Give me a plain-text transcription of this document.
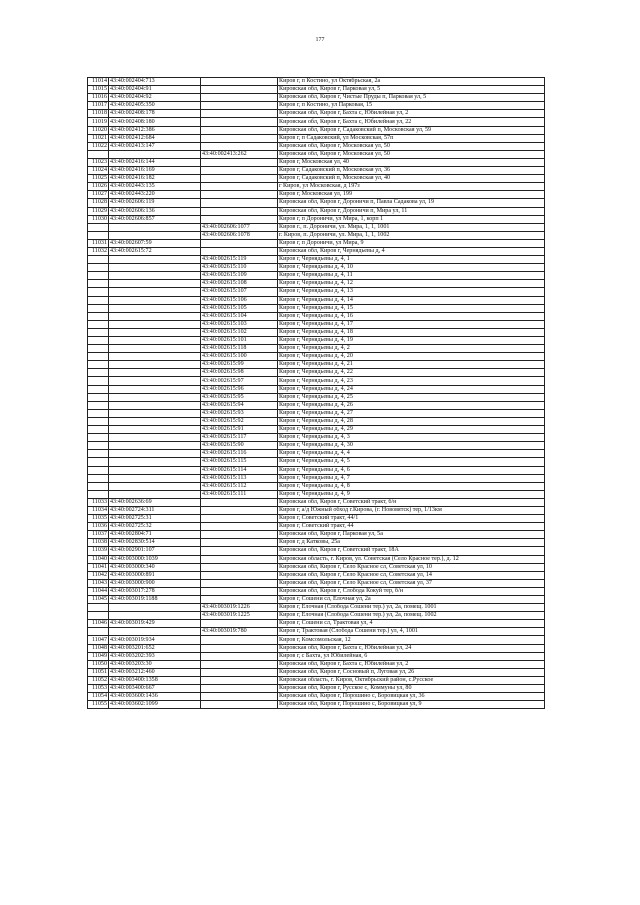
177
11014	43:40:002404:713		Киров г, п Костино, ул Октябрьская, 2а
11015	43:40:002404:91		Кировская обл, Киров г, Парковая ул, 5
11016	43:40:002404:92		Кировская обл, Киров г, Чистые Пруды п, Парковая ул, 5
11017	43:40:002405:350		Киров г, п Костино, ул Парковая, 15
11018	43:40:002408:178		Кировская обл, Киров г, Бахта с, Юбилейная ул, 2
11019	43:40:002408:180		Кировская обл, Киров г, Бахта с, Юбилейная ул, 22
11020	43:40:002412:386		Кировская обл, Киров г, Садаковский п, Московская ул, 59
11021	43:40:002412:684		Киров г, п Садаковский, ул Московская, 57п
11022	43:40:002413:147		Кировская обл, Киров г, Московская ул, 50
		43:40:002413:262	Кировская обл, Киров г, Московская ул, 50
11023	43:40:002416:144		Киров г, Московская ул, 40
11024	43:40:002416:169		Киров г, Садаковский п, Московская ул, 36
11025	43:40:002416:182		Киров г, Садаковский п, Московская ул, 40
11026	43:40:002443:135		г Киров, ул Московская, д 197з
11027	43:40:002443:220		Киров г, Московская ул, 199
11028	43:40:002606:119		Кировская обл, Киров г, Дороничи п, Павла Садакова ул, 19
11029	43:40:002606:136		Кировская обл, Киров г, Дороничи п, Мира ул, 11
11030	43:40:002606:857		Киров г, п Дороничи, ул Мира, 1, корп 1
		43:40:002606:1077	Киров г., п. Дороничи, ул. Мира, 1, 1, 1001
		43:40:002606:1078	г. Киров, п. Дороничи, ул. Мира, 1, 1, 1002
11031	43:40:002607:59		Киров г, п Дороничи, ул Мира, 9
11032	43:40:002615:72		Кировская обл, Киров г, Чернядьевы д, 4
		43:40:002615:119	Киров г, Чернядьевы д, 4, 1
		43:40:002615:110	Киров г, Чернядьевы д, 4, 10
		43:40:002615:109	Киров г, Чернядьевы д, 4, 11
		43:40:002615:108	Киров г, Чернядьевы д, 4, 12
		43:40:002615:107	Киров г, Чернядьевы д, 4, 13
		43:40:002615:106	Киров г, Чернядьевы д, 4, 14
		43:40:002615:105	Киров г, Чернядьевы д, 4, 15
		43:40:002615:104	Киров г, Чернядьевы д, 4, 16
		43:40:002615:103	Киров г, Чернядьевы д, 4, 17
		43:40:002615:102	Киров г, Чернядьевы д, 4, 18
		43:40:002615:101	Киров г, Чернядьевы д, 4, 19
		43:40:002615:118	Киров г, Чернядьевы д, 4, 2
		43:40:002615:100	Киров г, Чернядьевы д, 4, 20
		43:40:002615:99	Киров г, Чернядьевы д, 4, 21
		43:40:002615:98	Киров г, Чернядьевы д, 4, 22
		43:40:002615:97	Киров г, Чернядьевы д, 4, 23
		43:40:002615:96	Киров г, Чернядьевы д, 4, 24
		43:40:002615:95	Киров г, Чернядьевы д, 4, 25
		43:40:002615:94	Киров г, Чернядьевы д, 4, 26
		43:40:002615:93	Киров г, Чернядьевы д, 4, 27
		43:40:002615:92	Киров г, Чернядьевы д, 4, 28
		43:40:002615:91	Киров г, Чернядьевы д, 4, 29
		43:40:002615:117	Киров г, Чернядьевы д, 4, 3
		43:40:002615:90	Киров г, Чернядьевы д, 4, 30
		43:40:002615:116	Киров г, Чернядьевы д, 4, 4
		43:40:002615:115	Киров г, Чернядьевы д, 4, 5
		43:40:002615:114	Киров г, Чернядьевы д, 4, 6
		43:40:002615:113	Киров г, Чернядьевы д, 4, 7
		43:40:002615:112	Киров г, Чернядьевы д, 4, 8
		43:40:002615:111	Киров г, Чернядьевы д, 4, 9
11033	43:40:002636:69		Кировская обл, Киров г, Советский тракт, б/н
11034	43:40:002724:311		Киров г, а/д Южный обход г.Кирова, (г. Нововятск) тер, 1/13км
11035	43:40:002725:31		Киров г, Советский тракт, 44/1
11036	43:40:002725:32		Киров г, Советский тракт, 44
11037	43:40:002804:71		Кировская обл, Киров г, Парковая ул, 5а
11038	43:40:002830:514		Киров г, д Катковы, 25а
11039	43:40:002901:107		Кировская обл, Киров г, Советский тракт, 18А
11040	43:40:003000:1039		Кировская область, г. Киров, ул. Советская (Село Красное тер.), д. 12
11041	43:40:003000:340		Кировская обл, Киров г, Село Красное сл, Советская ул, 10
11042	43:40:003000:891		Кировская обл, Киров г, Село Красное сл, Советская ул, 14
11043	43:40:003000:900		Кировская обл, Киров г, Село Красное сл, Советская ул, 37
11044	43:40:003017:278		Кировская обл, Киров г, Слобода Кокуй тер, б/н
11045	43:40:003019:1188		Киров г, Сошени сл, Елочная ул, 2а
		43:40:003019:1226	Киров г, Елочная (Слобода Сошени тер.) ул, 2а, помещ. 1001
		43:40:003019:1225	Киров г, Елочная (Слобода Сошени тер.) ул, 2а, помещ. 1002
11046	43:40:003019:429		Киров г, Сошени сл, Трактовая ул, 4
		43:40:003019:780	Киров г, Трактовая (Слобода Сошени тер.) ул, 4, 1001
11047	43:40:003019:934		Киров г, Комсомольская, 12
11048	43:40:003201:652		Кировская обл, Киров г, Бахта с, Юбилейная ул, 24
11049	43:40:003202:393		Киров г, с Бахта, ул Юбилейная, 6
11050	43:40:003203:30		Кировская обл, Киров г, Бахта с, Юбилейная ул, 2
11051	43:40:003212:460		Кировская обл, Киров г, Сосновый п, Луговая ул, 26
11052	43:40:003400:1358		Кировская область, г. Киров, Октябрьский район, с.Русское
11053	43:40:003400:667		Кировская обл, Киров г, Русское с, Коммуны ул, 80
11054	43:40:003600:1436		Кировская обл, Киров г, Порошино с, Боровицкая ул, 36
11055	43:40:003602:1099		Кировская обл, Киров г, Порошино с, Боровицкая ул, 9
